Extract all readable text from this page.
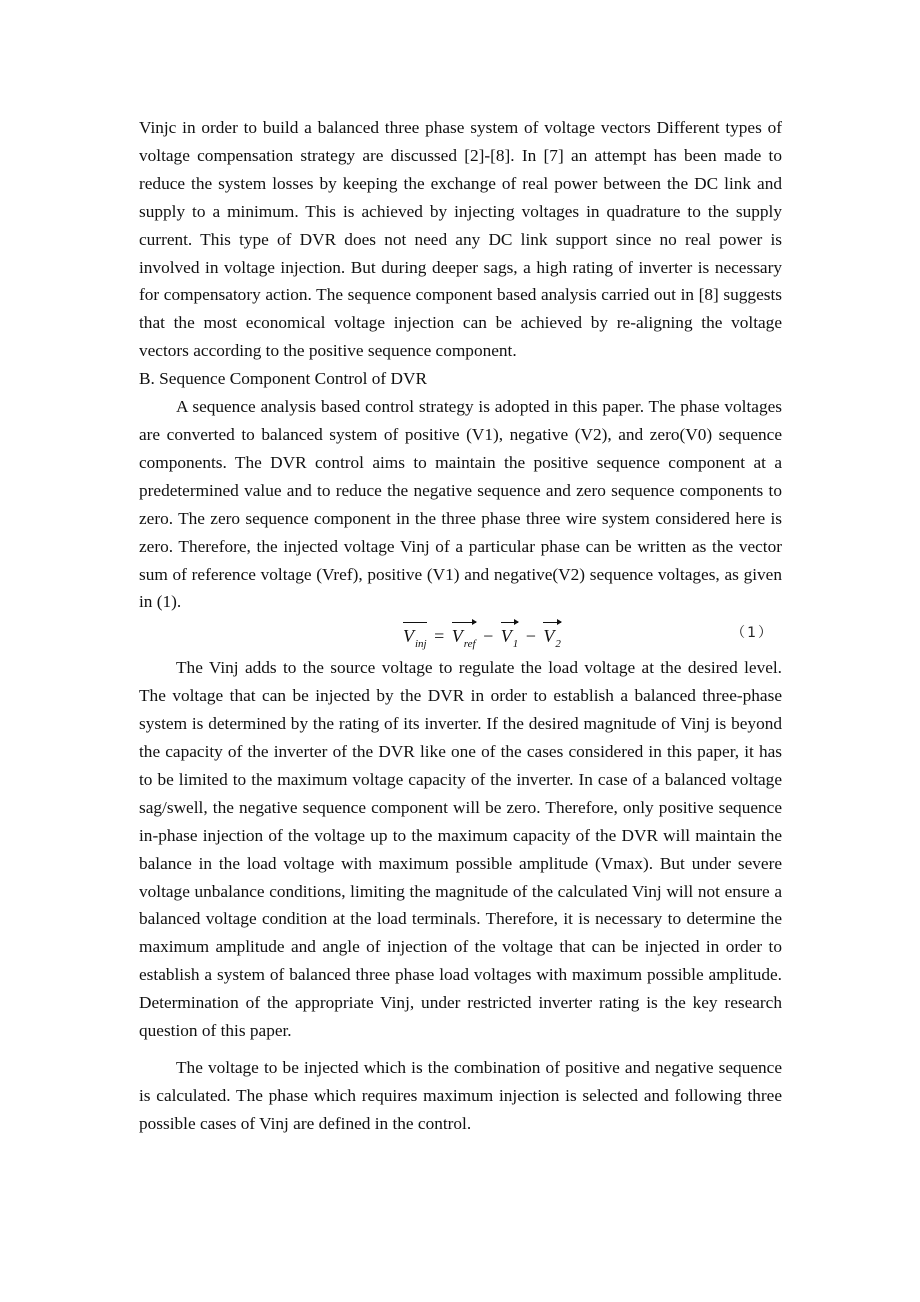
Vinjc in order to build a balanced three phase system of voltage vectors Different types of voltage compensation strategy are discussed [2]-[8]. In [7] an attempt has been made to reduce the system losses by keeping the exchange of real power between the DC link and supply to a minimum. This is achieved by injecting voltages in quadrature to the supply current. This type of DVR does not need any DC link support since no real power is involved in voltage injection. But during deeper sags, a high rating of inverter is necessary for compensatory action. The sequence component based analysis carried out in [8] suggests that the most economical voltage injection can be achieved by re-aligning the voltage vectors according to the positive sequence component.

B. Sequence Component Control of DVR

A sequence analysis based control strategy is adopted in this paper. The phase voltages are converted to balanced system of positive (V1), negative (V2), and zero(V0) sequence components. The DVR control aims to maintain the positive sequence component at a predetermined value and to reduce the negative sequence and zero sequence components to zero. The zero sequence component in the three phase three wire system considered here is zero. Therefore, the injected voltage Vinj of a particular phase can be written as the vector sum of reference voltage (Vref), positive (V1) and negative(V2) sequence voltages, as given in (1).

$V_{inj} = V_{ref} - V_1 - V_2$
（1）

The Vinj adds to the source voltage to regulate the load voltage at the desired level. The voltage that can be injected by the DVR in order to establish a balanced three-phase system is determined by the rating of its inverter. If the desired magnitude of Vinj is beyond the capacity of the inverter of the DVR like one of the cases considered in this paper, it has to be limited to the maximum voltage capacity of the inverter. In case of a balanced voltage sag/swell, the negative sequence component will be zero. Therefore, only positive sequence in-phase injection of the voltage up to the maximum capacity of the DVR will maintain the balance in the load voltage with maximum possible amplitude (Vmax). But under severe voltage unbalance conditions, limiting the magnitude of the calculated Vinj will not ensure a balanced voltage condition at the load terminals. Therefore, it is necessary to determine the maximum amplitude and angle of injection of the voltage that can be injected in order to establish a system of balanced three phase load voltages with maximum possible amplitude. Determination of the appropriate Vinj, under restricted inverter rating is the key research question of this paper.

The voltage to be injected which is the combination of positive and negative sequence is calculated. The phase which requires maximum injection is selected and following three possible cases of Vinj are defined in the control.
